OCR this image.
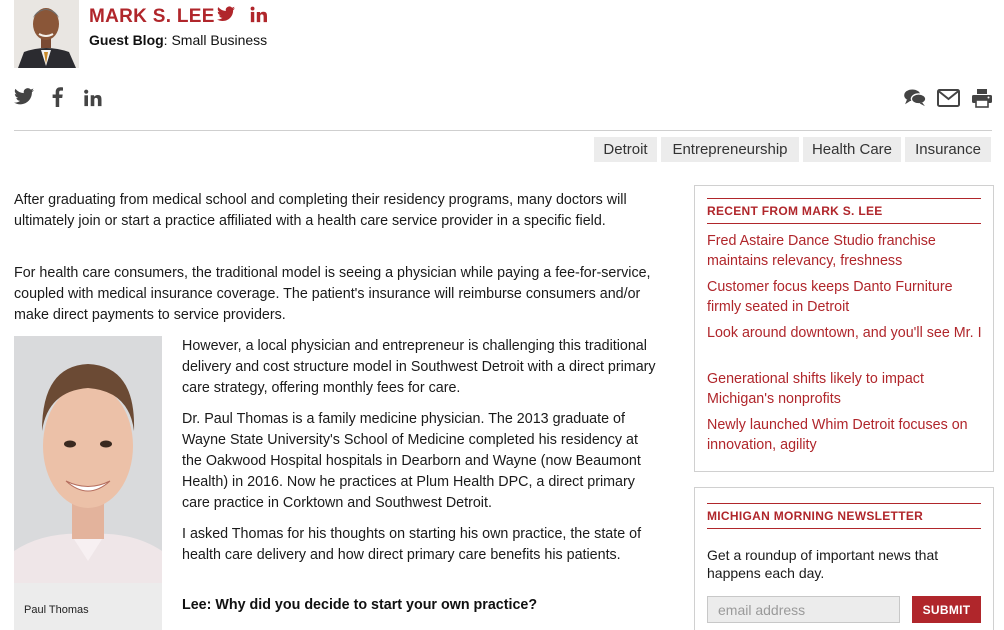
MARK S. LEE
Guest Blog: Small Business
Detroit	Entrepreneurship	Health Care	Insurance
After graduating from medical school and completing their residency programs, many doctors will ultimately join or start a practice affiliated with a health care service provider in a specific field.
For health care consumers, the traditional model is seeing a physician while paying a fee-for-service, coupled with medical insurance coverage. The patient's insurance will reimburse consumers and/or make direct payments to service providers.
Paul Thomas
However, a local physician and entrepreneur is challenging this traditional delivery and cost structure model in Southwest Detroit with a direct primary care strategy, offering monthly fees for care.
Dr. Paul Thomas is a family medicine physician. The 2013 graduate of Wayne State University's School of Medicine completed his residency at the Oakwood Hospital hospitals in Dearborn and Wayne (now Beaumont Health) in 2016. Now he practices at Plum Health DPC, a direct primary care practice in Corktown and Southwest Detroit.
I asked Thomas for his thoughts on starting his own practice, the state of health care delivery and how direct primary care benefits his patients.
Lee: Why did you decide to start your own practice?
RECENT FROM MARK S. LEE
Fred Astaire Dance Studio franchise maintains relevancy, freshness
Customer focus keeps Danto Furniture firmly seated in Detroit
Look around downtown, and you'll see Mr. I
Generational shifts likely to impact Michigan's nonprofits
Newly launched Whim Detroit focuses on innovation, agility
MICHIGAN MORNING NEWSLETTER
Get a roundup of important news that happens each day.
email address
SUBMIT
